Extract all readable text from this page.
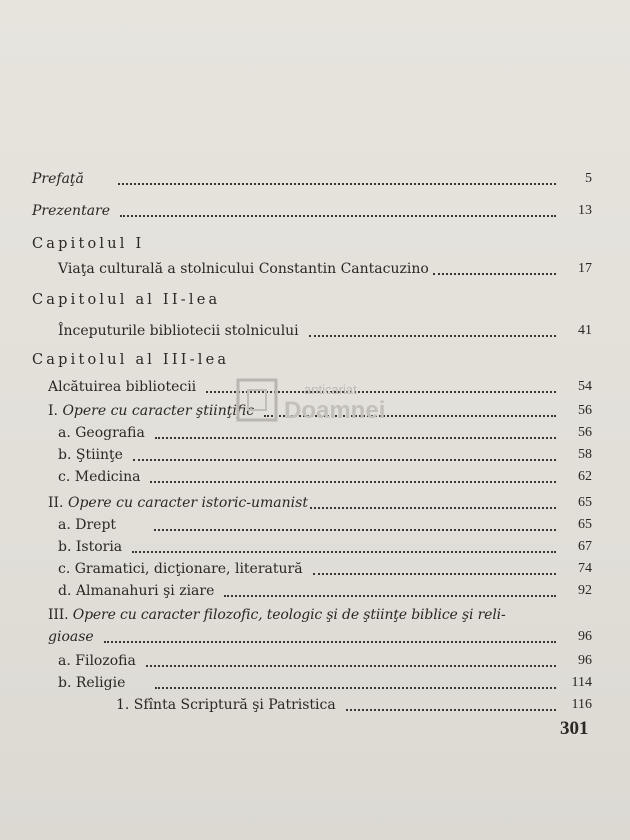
Prefaţă	5
Prezentare	13
Capitolul I
Viaţa culturală a stolnicului Constantin Cantacuzino	17
Capitolul al II-lea
Începuturile bibliotecii stolnicului	41
Capitolul al III-lea
Alcătuirea bibliotecii	54
I. Opere cu caracter ştiinţific	56
a. Geografia	56
b. Ştiinţe	58
c. Medicina	62
II. Opere cu caracter istoric-umanist	65
a. Drept	65
b. Istoria	67
c. Gramatici, dicţionare, literatură	74
d. Almanahuri şi ziare	92
III. Opere cu caracter filozofic, teologic şi de ştiinţe biblice şi reli-
gioase	96
a. Filozofia	96
b. Religie	114
1. Sfînta Scriptură şi Patristica	116
301
anticariat
Doamnei
